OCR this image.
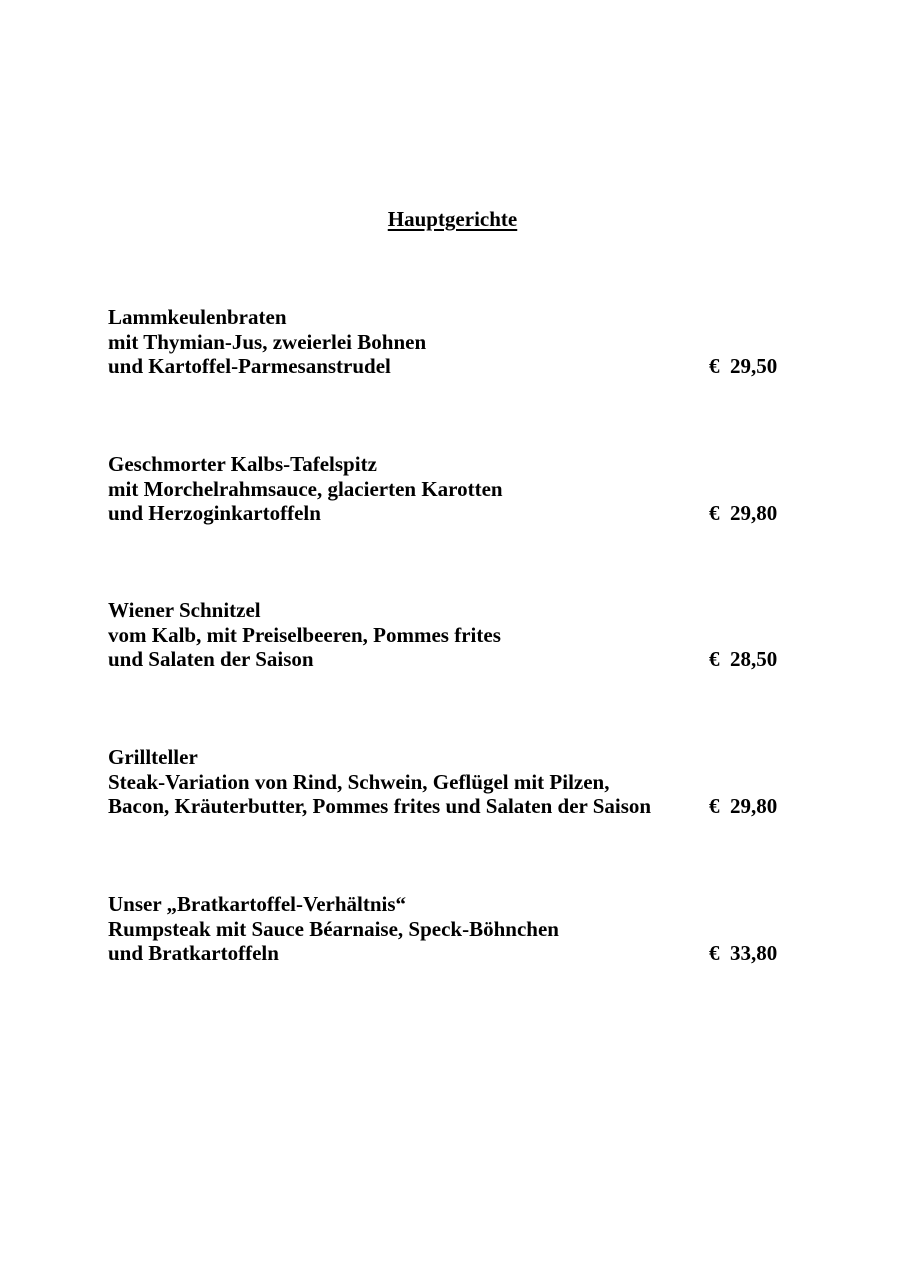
Hauptgerichte
Lammkeulenbraten
mit Thymian-Jus, zweierlei Bohnen
und Kartoffel-Parmesanstrudel	€  29,50
Geschmorter Kalbs-Tafelspitz
mit Morchelrahmsauce, glacierten Karotten
und Herzoginkartoffeln	€  29,80
Wiener Schnitzel
vom Kalb, mit Preiselbeeren, Pommes frites
und Salaten der Saison	€  28,50
Grillteller
Steak-Variation von Rind, Schwein, Geflügel mit Pilzen,
Bacon, Kräuterbutter, Pommes frites und Salaten der Saison	€  29,80
Unser „Bratkartoffel-Verhältnis“
Rumpsteak mit Sauce Béarnaise, Speck-Böhnchen
und Bratkartoffeln	€  33,80
